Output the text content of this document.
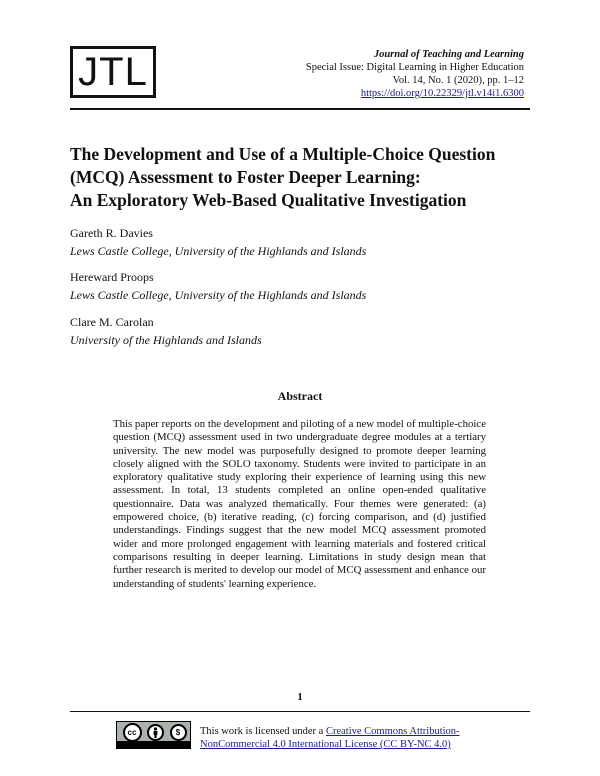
JTL	Journal of Teaching and Learning
Special Issue: Digital Learning in Higher Education
Vol. 14, No. 1 (2020), pp. 1–12
https://doi.org/10.22329/jtl.v14i1.6300
The Development and Use of a Multiple-Choice Question
(MCQ) Assessment to Foster Deeper Learning:
An Exploratory Web-Based Qualitative Investigation
Gareth R. Davies
Lews Castle College, University of the Highlands and Islands
Hereward Proops
Lews Castle College, University of the Highlands and Islands
Clare M. Carolan
University of the Highlands and Islands
Abstract

This paper reports on the development and piloting of a new model of multiple-choice question (MCQ) assessment used in two undergraduate degree modules at a tertiary university. The new model was purposefully designed to promote deeper learning closely aligned with the SOLO taxonomy. Students were invited to participate in an exploratory qualitative study exploring their experience of learning using this new assessment. In total, 13 students completed an online open-ended qualitative questionnaire. Data was analyzed thematically. Four themes were generated: (a) empowered choice, (b) iterative reading, (c) forcing comparison, and (d) justified understandings. Findings suggest that the new model MCQ assessment promoted wider and more prolonged engagement with learning materials and fostered critical comparisons resulting in deeper learning. Limitations in study design mean that further research is merited to develop our model of MCQ assessment and enhance our understanding of students' learning experience.

1
cc	$
BY NC
This work is licensed under a Creative Commons Attribution-
NonCommercial 4.0 International License (CC BY-NC 4.0)
